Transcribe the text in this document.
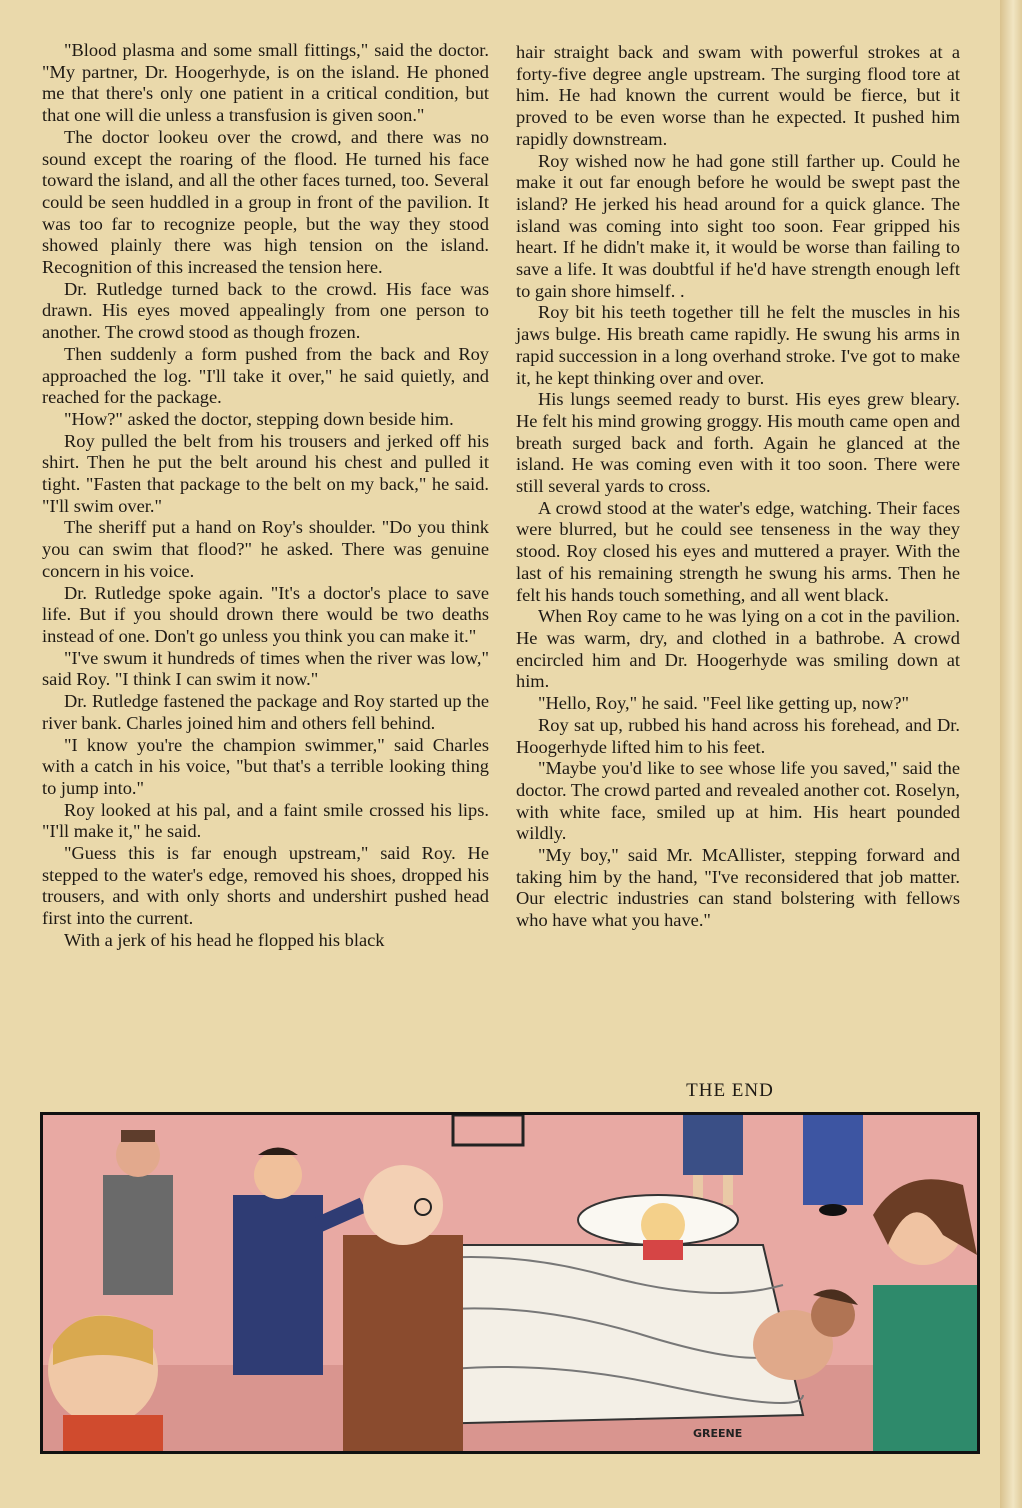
"Blood plasma and some small fittings," said the doctor. "My partner, Dr. Hoogerhyde, is on the island. He phoned me that there's only one patient in a critical condition, but that one will die unless a transfusion is given soon."

The doctor lookeu over the crowd, and there was no sound except the roaring of the flood. He turned his face toward the island, and all the other faces turned, too. Several could be seen huddled in a group in front of the pavilion. It was too far to recognize people, but the way they stood showed plainly there was high tension on the island. Recognition of this increased the tension here.

Dr. Rutledge turned back to the crowd. His face was drawn. His eyes moved appealingly from one person to another. The crowd stood as though frozen.

Then suddenly a form pushed from the back and Roy approached the log. "I'll take it over," he said quietly, and reached for the package.

"How?" asked the doctor, stepping down beside him.

Roy pulled the belt from his trousers and jerked off his shirt. Then he put the belt around his chest and pulled it tight. "Fasten that package to the belt on my back," he said. "I'll swim over."

The sheriff put a hand on Roy's shoulder. "Do you think you can swim that flood?" he asked. There was genuine concern in his voice.

Dr. Rutledge spoke again. "It's a doctor's place to save life. But if you should drown there would be two deaths instead of one. Don't go unless you think you can make it."

"I've swum it hundreds of times when the river was low," said Roy. "I think I can swim it now."

Dr. Rutledge fastened the package and Roy started up the river bank. Charles joined him and others fell behind.

"I know you're the champion swimmer," said Charles with a catch in his voice, "but that's a terrible looking thing to jump into."

Roy looked at his pal, and a faint smile crossed his lips. "I'll make it," he said.

"Guess this is far enough upstream," said Roy. He stepped to the water's edge, removed his shoes, dropped his trousers, and with only shorts and undershirt pushed head first into the current.

With a jerk of his head he flopped his black

hair straight back and swam with powerful strokes at a forty-five degree angle upstream. The surging flood tore at him. He had known the current would be fierce, but it proved to be even worse than he expected. It pushed him rapidly downstream.

Roy wished now he had gone still farther up. Could he make it out far enough before he would be swept past the island? He jerked his head around for a quick glance. The island was coming into sight too soon. Fear gripped his heart. If he didn't make it, it would be worse than failing to save a life. It was doubtful if he'd have strength enough left to gain shore himself. .

Roy bit his teeth together till he felt the muscles in his jaws bulge. His breath came rapidly. He swung his arms in rapid succession in a long overhand stroke. I've got to make it, he kept thinking over and over.

His lungs seemed ready to burst. His eyes grew bleary. He felt his mind growing groggy. His mouth came open and breath surged back and forth. Again he glanced at the island. He was coming even with it too soon. There were still several yards to cross.

A crowd stood at the water's edge, watching. Their faces were blurred, but he could see tenseness in the way they stood. Roy closed his eyes and muttered a prayer. With the last of his remaining strength he swung his arms. Then he felt his hands touch something, and all went black.

When Roy came to he was lying on a cot in the pavilion. He was warm, dry, and clothed in a bathrobe. A crowd encircled him and Dr. Hoogerhyde was smiling down at him.

"Hello, Roy," he said. "Feel like getting up, now?"

Roy sat up, rubbed his hand across his forehead, and Dr. Hoogerhyde lifted him to his feet.

"Maybe you'd like to see whose life you saved," said the doctor. The crowd parted and revealed another cot. Roselyn, with white face, smiled up at him. His heart pounded wildly.

"My boy," said Mr. McAllister, stepping forward and taking him by the hand, "I've reconsidered that job matter. Our electric industries can stand bolstering with fellows who have what you have."

THE END
GREENE
